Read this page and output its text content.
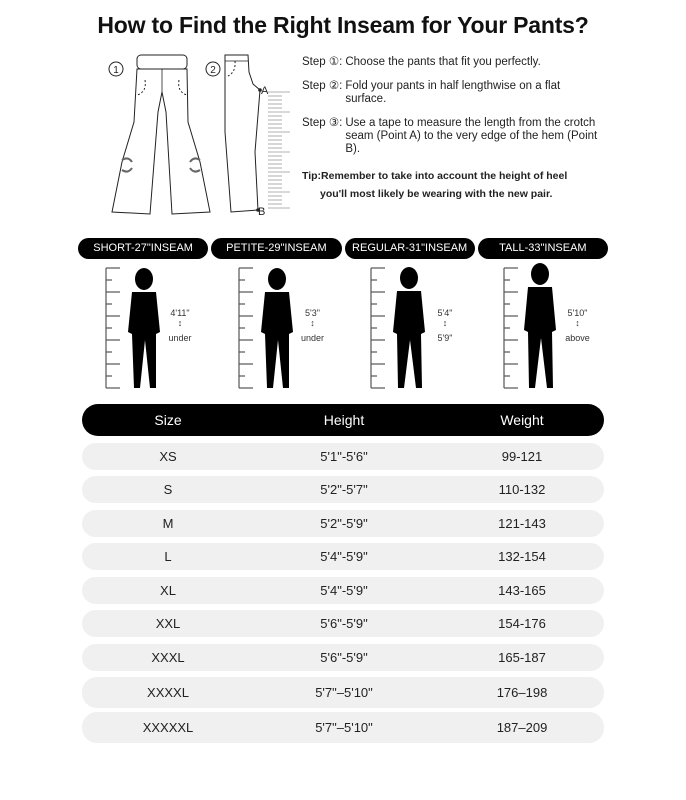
How to Find the Right Inseam for Your Pants?
1	2
A
B
Step ①: Choose the pants that fit you perfectly.
Step ②: Fold your pants in half lengthwise on a flat surface.
Step ③: Use a tape to measure the length from the crotch seam (Point A) to the very edge of the hem (Point B).
Tip:Remember to take into account the height of heel
you'll most likely be wearing with the new pair.
SHORT-27"INSEAM	PETITE-29"INSEAM	REGULAR-31"INSEAM	TALL-33"INSEAM
4'11"
↕
under
5'3"
↕
under
5'4"
↕
5'9"
5'10"
↕
above
Size	Height	Weight
XS	5'1"-5'6"	99-121
S	5'2"-5'7"	110-132
M	5'2"-5'9"	121-143
L	5'4"-5'9"	132-154
XL	5'4"-5'9"	143-165
XXL	5'6"-5'9"	154-176
XXXL	5'6"-5'9"	165-187
XXXXL	5'7"–5'10"	176–198
XXXXXL	5'7"–5'10"	187–209
